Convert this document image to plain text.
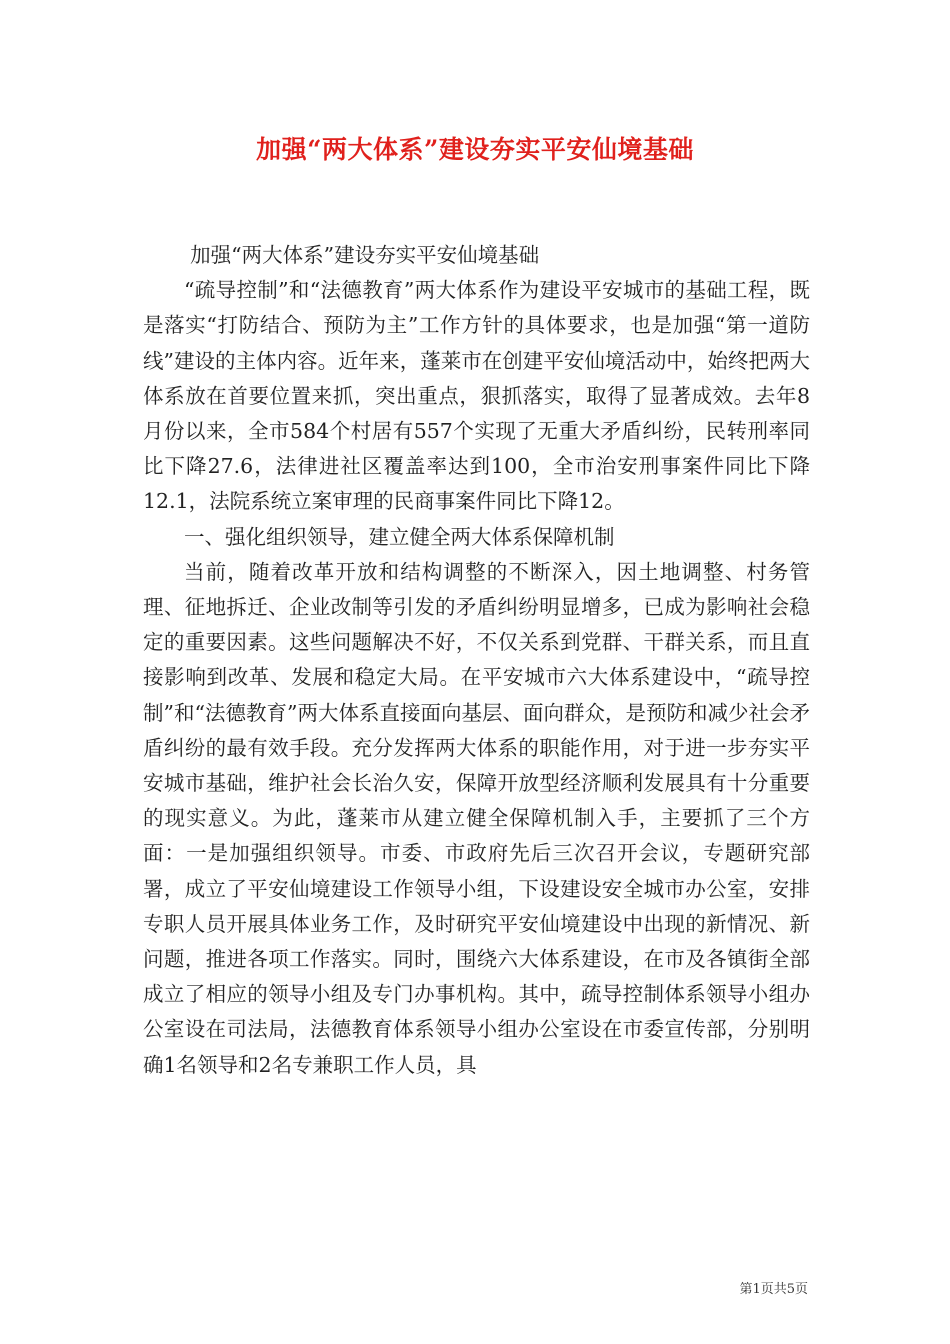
加强“两大体系”建设夯实平安仙境基础

加强“两大体系”建设夯实平安仙境基础

“疏导控制”和“法德教育”两大体系作为建设平安城市的基础工程，既是落实“打防结合、预防为主”工作方针的具体要求，也是加强“第一道防线”建设的主体内容。近年来，蓬莱市在创建平安仙境活动中，始终把两大体系放在首要位置来抓，突出重点，狠抓落实，取得了显著成效。去年8月份以来，全市584个村居有557个实现了无重大矛盾纠纷，民转刑率同比下降27.6，法律进社区覆盖率达到100，全市治安刑事案件同比下降12.1，法院系统立案审理的民商事案件同比下降12。

一、强化组织领导，建立健全两大体系保障机制

当前，随着改革开放和结构调整的不断深入，因土地调整、村务管理、征地拆迁、企业改制等引发的矛盾纠纷明显增多，已成为影响社会稳定的重要因素。这些问题解决不好，不仅关系到党群、干群关系，而且直接影响到改革、发展和稳定大局。在平安城市六大体系建设中，“疏导控制”和“法德教育”两大体系直接面向基层、面向群众，是预防和减少社会矛盾纠纷的最有效手段。充分发挥两大体系的职能作用，对于进一步夯实平安城市基础，维护社会长治久安，保障开放型经济顺利发展具有十分重要的现实意义。为此，蓬莱市从建立健全保障机制入手，主要抓了三个方面：一是加强组织领导。市委、市政府先后三次召开会议，专题研究部署，成立了平安仙境建设工作领导小组，下设建设安全城市办公室，安排专职人员开展具体业务工作，及时研究平安仙境建设中出现的新情况、新问题，推进各项工作落实。同时，围绕六大体系建设，在市及各镇街全部成立了相应的领导小组及专门办事机构。其中，疏导控制体系领导小组办公室设在司法局，法德教育体系领导小组办公室设在市委宣传部，分别明确1名领导和2名专兼职工作人员，具

第1页共5页
